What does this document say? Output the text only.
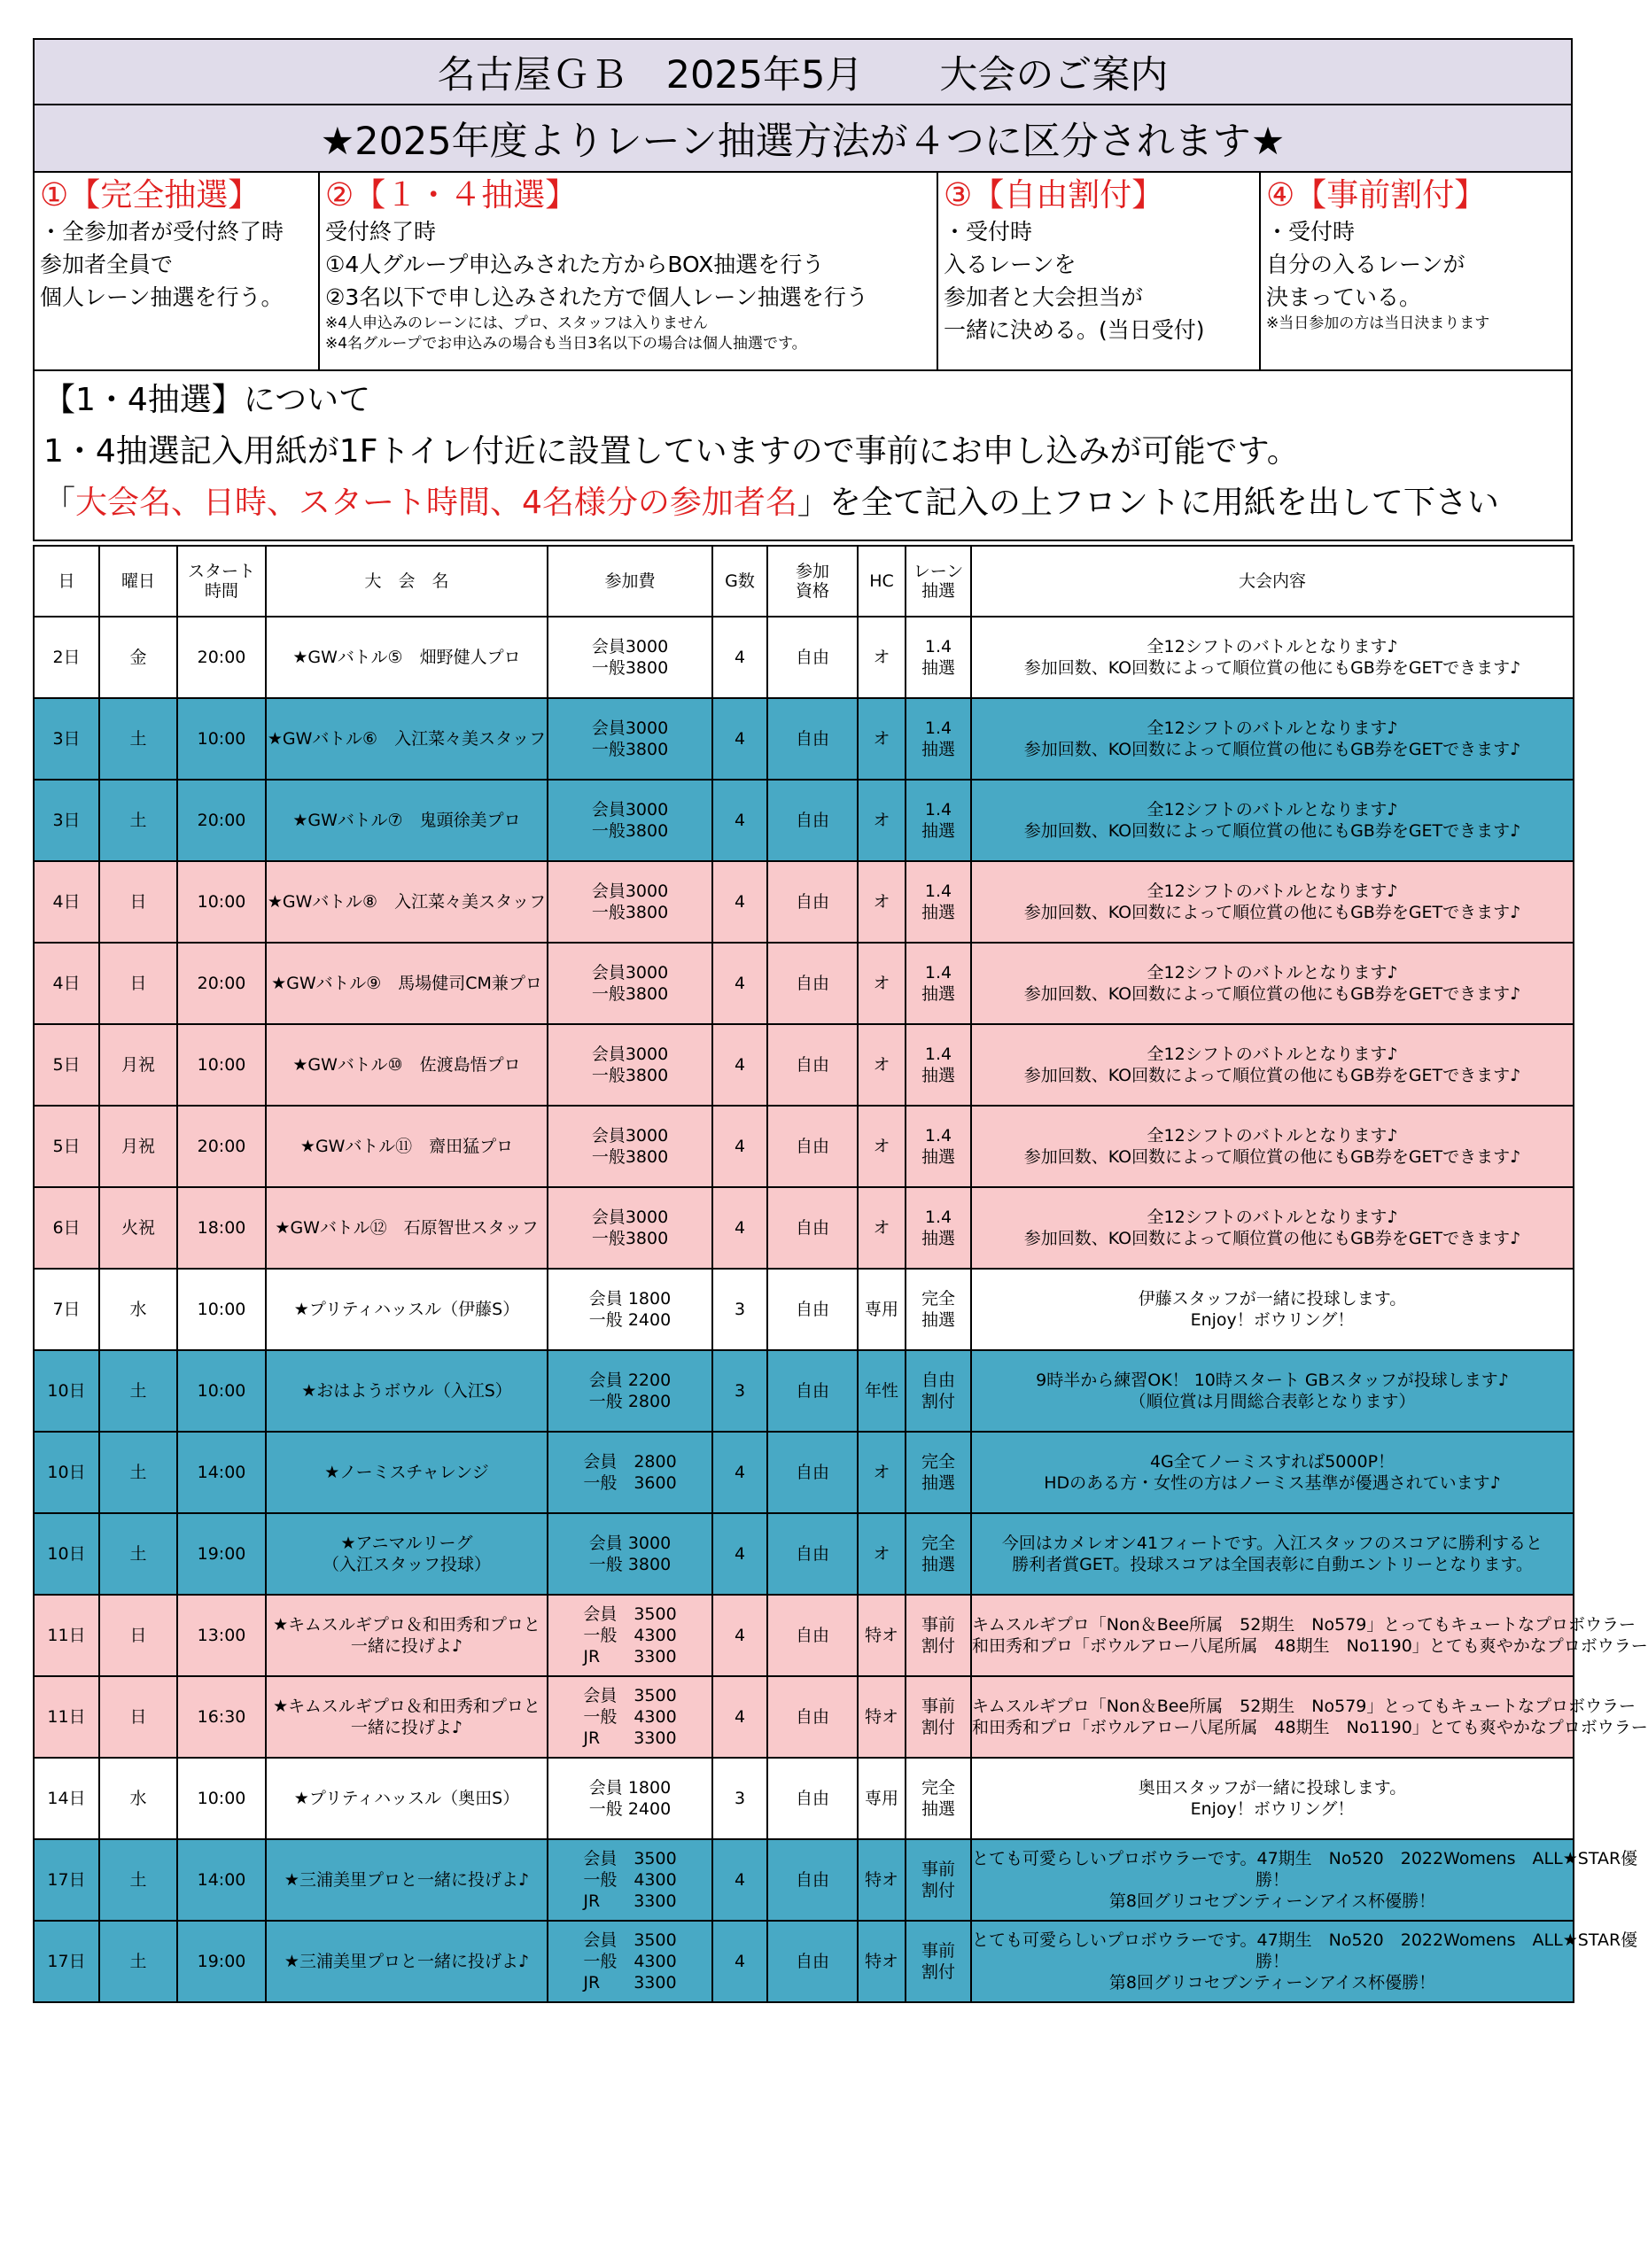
名古屋ＧＢ　2025年5月　　大会のご案内
★2025年度よりレーン抽選方法が４つに区分されます★
①【完全抽選】
・全参加者が受付終了時
参加者全員で
個人レーン抽選を行う。
②【１・４抽選】
受付終了時
①4人グループ申込みされた方からBOX抽選を行う
②3名以下で申し込みされた方で個人レーン抽選を行う
※4人申込みのレーンには、プロ、スタッフは入りません
※4名グループでお申込みの場合も当日3名以下の場合は個人抽選です。
③【自由割付】
・受付時
入るレーンを
参加者と大会担当が
一緒に決める。(当日受付)
④【事前割付】
・受付時
自分の入るレーンが
決まっている。
※当日参加の方は当日決まります
【1・4抽選】について
1・4抽選記入用紙が1Fトイレ付近に設置していますので事前にお申し込みが可能です。
「大会名、日時、スタート時間、4名様分の参加者名」を全て記入の上フロントに用紙を出して下さい
日	曜日	スタート
時間	大　会　名	参加費	G数	参加
資格	HC	レーン
抽選	大会内容
2日	金	20:00	★GWバトル⑤　畑野健人プロ	会員3000
一般3800	4	自由	オ	1.4
抽選	全12シフトのバトルとなります♪
参加回数、KO回数によって順位賞の他にもGB券をGETできます♪

3日	土	10:00	★GWバトル⑥　入江菜々美スタッフ	会員3000
一般3800	4	自由	オ	1.4
抽選	全12シフトのバトルとなります♪
参加回数、KO回数によって順位賞の他にもGB券をGETできます♪

3日	土	20:00	★GWバトル⑦　鬼頭徐美プロ	会員3000
一般3800	4	自由	オ	1.4
抽選	全12シフトのバトルとなります♪
参加回数、KO回数によって順位賞の他にもGB券をGETできます♪

4日	日	10:00	★GWバトル⑧　入江菜々美スタッフ	会員3000
一般3800	4	自由	オ	1.4
抽選	全12シフトのバトルとなります♪
参加回数、KO回数によって順位賞の他にもGB券をGETできます♪

4日	日	20:00	★GWバトル⑨　馬場健司CM兼プロ	会員3000
一般3800	4	自由	オ	1.4
抽選	全12シフトのバトルとなります♪
参加回数、KO回数によって順位賞の他にもGB券をGETできます♪

5日	月祝	10:00	★GWバトル⑩　佐渡島悟プロ	会員3000
一般3800	4	自由	オ	1.4
抽選	全12シフトのバトルとなります♪
参加回数、KO回数によって順位賞の他にもGB券をGETできます♪

5日	月祝	20:00	★GWバトル⑪　齋田猛プロ	会員3000
一般3800	4	自由	オ	1.4
抽選	全12シフトのバトルとなります♪
参加回数、KO回数によって順位賞の他にもGB券をGETできます♪

6日	火祝	18:00	★GWバトル⑫　石原智世スタッフ	会員3000
一般3800	4	自由	オ	1.4
抽選	全12シフトのバトルとなります♪
参加回数、KO回数によって順位賞の他にもGB券をGETできます♪

7日	水	10:00	★プリティハッスル（伊藤S）	会員 1800
一般 2400	3	自由	専用	完全
抽選	伊藤スタッフが一緒に投球します。
Enjoy！ボウリング！

10日	土	10:00	★おはようボウル（入江S）	会員 2200
一般 2800	3	自由	年性	自由
割付	9時半から練習OK！ 10時スタート GBスタッフが投球します♪
（順位賞は月間総合表彰となります）

10日	土	14:00	★ノーミスチャレンジ	会員　2800
一般　3600	4	自由	オ	完全
抽選	4G全てノーミスすれば5000P！
HDのある方・女性の方はノーミス基準が優遇されています♪

10日	土	19:00	★アニマルリーグ
（入江スタッフ投球）	会員 3000
一般 3800	4	自由	オ	完全
抽選	今回はカメレオン41フィートです。入江スタッフのスコアに勝利すると
勝利者賞GET。投球スコアは全国表彰に自動エントリーとなります。

11日	日	13:00	★キムスルギプロ＆和田秀和プロと
一緒に投げよ♪	会員　3500
一般　4300
JR　　3300	4	自由	特オ	事前
割付	キムスルギプロ「Non＆Bee所属　52期生　No579」とってもキュートなプロボウラー
和田秀和プロ「ボウルアロー八尾所属　48期生　No1190」とても爽やかなプロボウラー

11日	日	16:30	★キムスルギプロ＆和田秀和プロと
一緒に投げよ♪	会員　3500
一般　4300
JR　　3300	4	自由	特オ	事前
割付	キムスルギプロ「Non＆Bee所属　52期生　No579」とってもキュートなプロボウラー
和田秀和プロ「ボウルアロー八尾所属　48期生　No1190」とても爽やかなプロボウラー

14日	水	10:00	★プリティハッスル（奥田S）	会員 1800
一般 2400	3	自由	専用	完全
抽選	奥田スタッフが一緒に投球します。
Enjoy！ボウリング！

17日	土	14:00	★三浦美里プロと一緒に投げよ♪	会員　3500
一般　4300
JR　　3300	4	自由	特オ	事前
割付	とても可愛らしいプロボウラーです。47期生　No520　2022Womens　ALL★STAR優
勝！
第8回グリコセブンティーンアイス杯優勝！

17日	土	19:00	★三浦美里プロと一緒に投げよ♪	会員　3500
一般　4300
JR　　3300	4	自由	特オ	事前
割付	とても可愛らしいプロボウラーです。47期生　No520　2022Womens　ALL★STAR優
勝！
第8回グリコセブンティーンアイス杯優勝！
